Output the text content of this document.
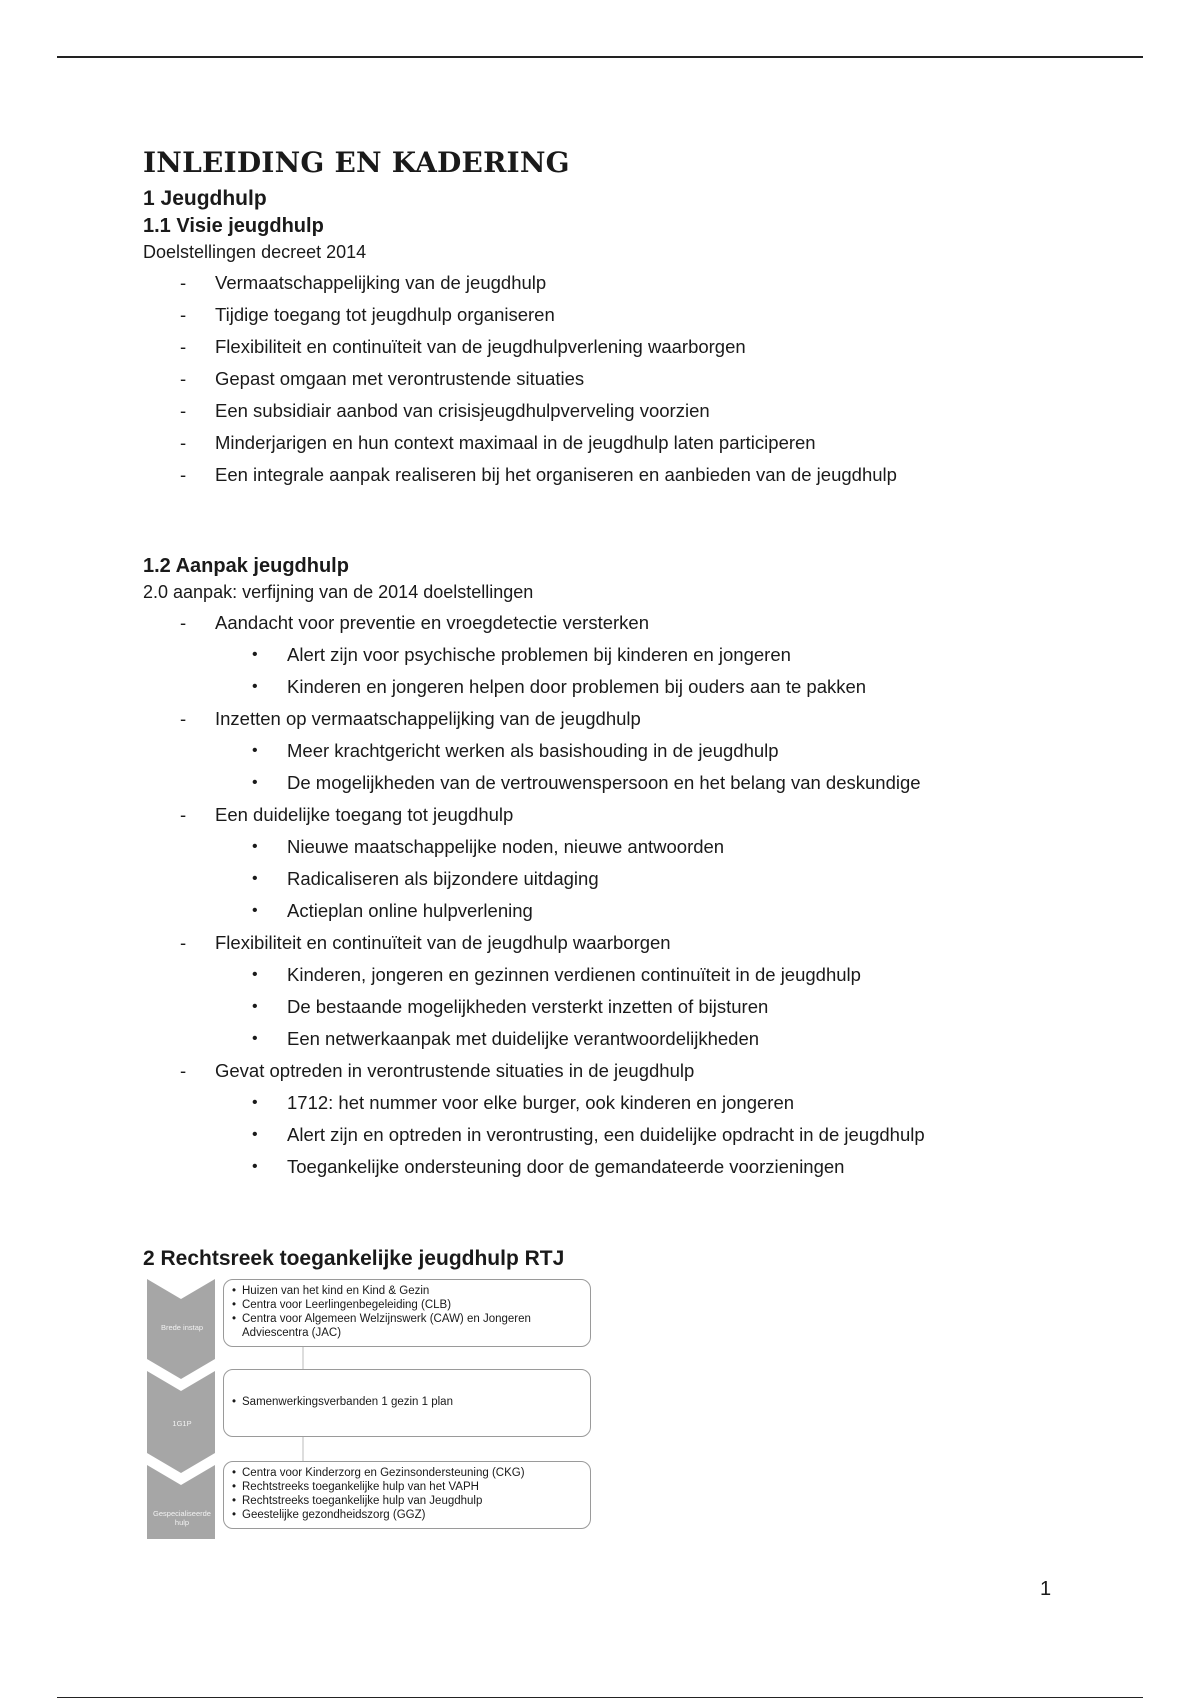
INLEIDING EN KADERING
1 Jeugdhulp
1.1 Visie jeugdhulp

Doelstellingen decreet 2014

- Vermaatschappelijking van de jeugdhulp
- Tijdige toegang tot jeugdhulp organiseren
- Flexibiliteit en continuïteit van de jeugdhulpverlening waarborgen
- Gepast omgaan met verontrustende situaties
- Een subsidiair aanbod van crisisjeugdhulpverveling voorzien
- Minderjarigen en hun context maximaal in de jeugdhulp laten participeren
- Een integrale aanpak realiseren bij het organiseren en aanbieden van de jeugdhulp
1.2 Aanpak jeugdhulp

2.0 aanpak: verfijning van de 2014 doelstellingen

- Aandacht voor preventie en vroegdetectie versterken
• Alert zijn voor psychische problemen bij kinderen en jongeren
• Kinderen en jongeren helpen door problemen bij ouders aan te pakken
- Inzetten op vermaatschappelijking van de jeugdhulp
• Meer krachtgericht werken als basishouding in de jeugdhulp
• De mogelijkheden van de vertrouwenspersoon en het belang van deskundige
- Een duidelijke toegang tot jeugdhulp
• Nieuwe maatschappelijke noden, nieuwe antwoorden
• Radicaliseren als bijzondere uitdaging
• Actieplan online hulpverlening
- Flexibiliteit en continuïteit van de jeugdhulp waarborgen
• Kinderen, jongeren en gezinnen verdienen continuïteit in de jeugdhulp
• De bestaande mogelijkheden versterkt inzetten of bijsturen
• Een netwerkaanpak met duidelijke verantwoordelijkheden
- Gevat optreden in verontrustende situaties in de jeugdhulp
• 1712: het nummer voor elke burger, ook kinderen en jongeren
• Alert zijn en optreden in verontrusting, een duidelijke opdracht in de jeugdhulp
• Toegankelijke ondersteuning door de gemandateerde voorzieningen
2 Rechtsreek toegankelijke jeugdhulp RTJ
Brede instap
1G1P
Gespecialiseerde hulp
• Huizen van het kind en Kind & Gezin
• Centra voor Leerlingenbegeleiding (CLB)
• Centra voor Algemeen Welzijnswerk (CAW) en Jongeren Adviescentra (JAC)
• Samenwerkingsverbanden 1 gezin 1 plan
• Centra voor Kinderzorg en Gezinsondersteuning (CKG)
• Rechtstreeks toegankelijke hulp van het VAPH
• Rechtstreeks toegankelijke hulp van Jeugdhulp
• Geestelijke gezondheidszorg (GGZ)
1
